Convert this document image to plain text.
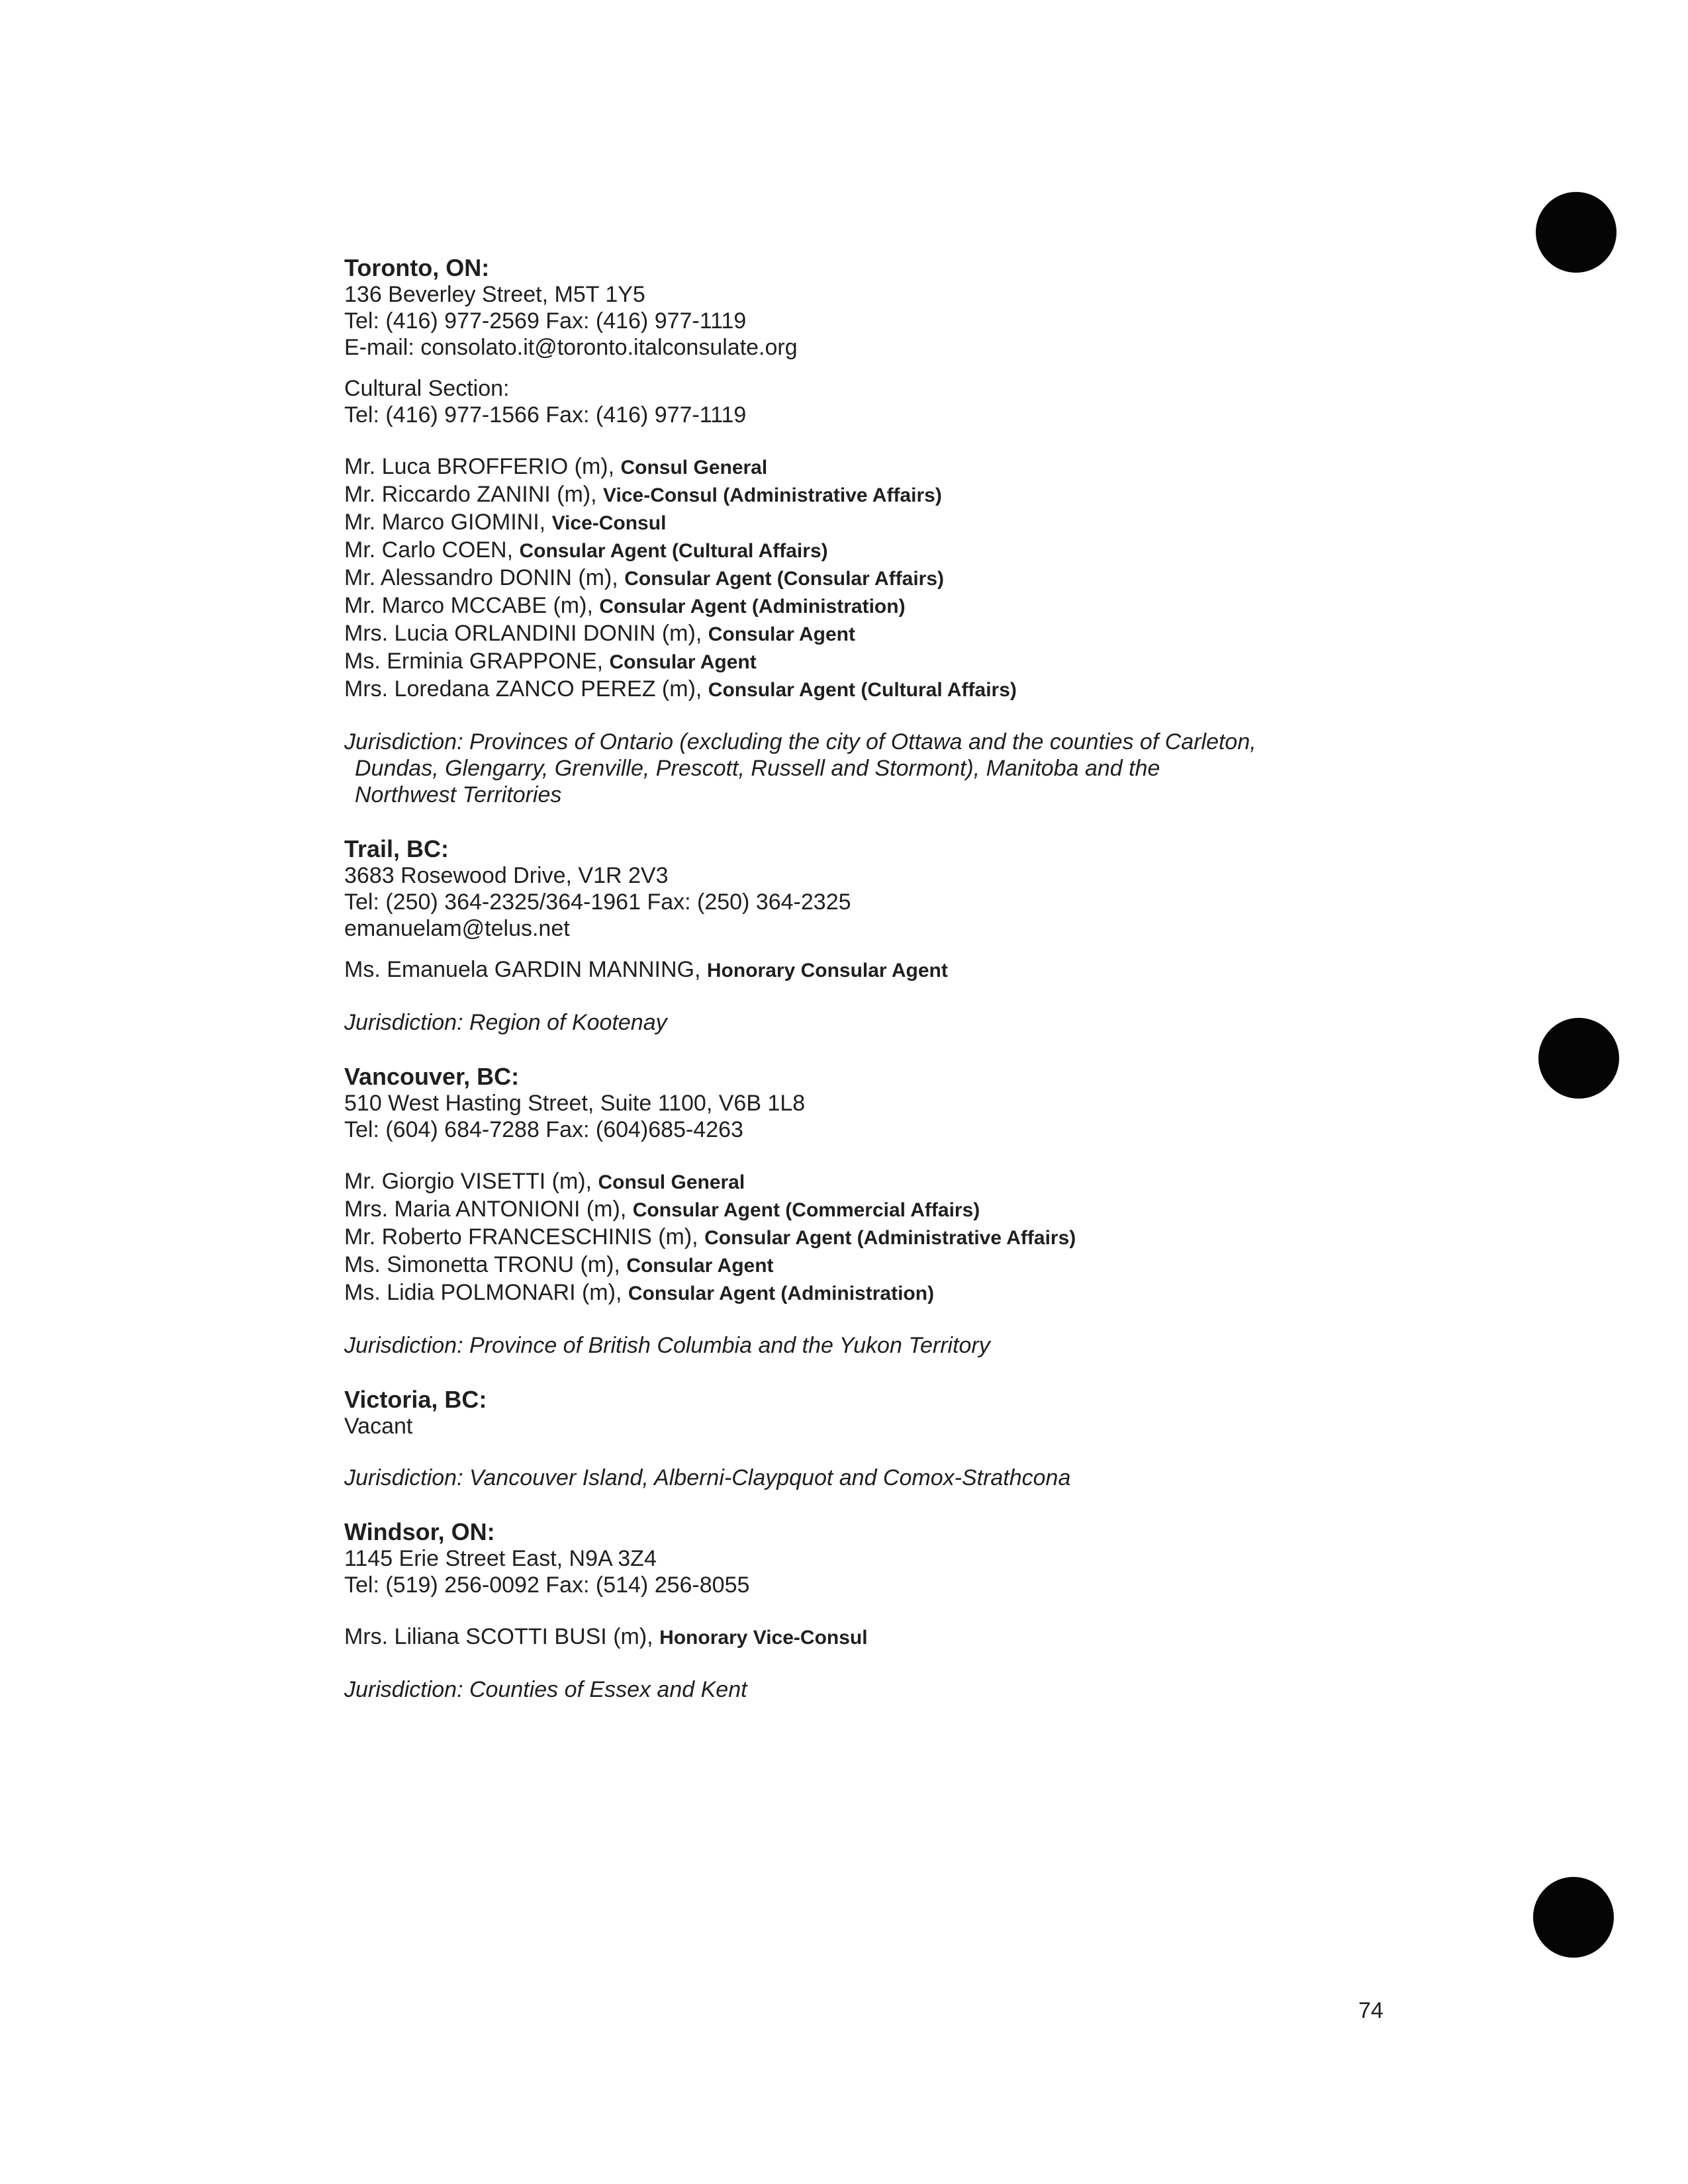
Toronto, ON:
136 Beverley Street, M5T 1Y5
Tel: (416) 977-2569 Fax: (416) 977-1119
E-mail: consolato.it@toronto.italconsulate.org
Cultural Section:
Tel: (416) 977-1566 Fax: (416) 977-1119
Mr. Luca BROFFERIO (m), Consul General
Mr. Riccardo ZANINI (m), Vice-Consul (Administrative Affairs)
Mr. Marco GIOMINI, Vice-Consul
Mr. Carlo COEN, Consular Agent (Cultural Affairs)
Mr. Alessandro DONIN (m), Consular Agent (Consular Affairs)
Mr. Marco MCCABE (m), Consular Agent (Administration)
Mrs. Lucia ORLANDINI DONIN (m), Consular Agent
Ms. Erminia GRAPPONE, Consular Agent
Mrs. Loredana ZANCO PEREZ (m), Consular Agent (Cultural Affairs)
Jurisdiction: Provinces of Ontario (excluding the city of Ottawa and the counties of Carleton,
Dundas, Glengarry, Grenville, Prescott, Russell and Stormont), Manitoba and the
Northwest Territories
Trail, BC:
3683 Rosewood Drive, V1R 2V3
Tel: (250) 364-2325/364-1961 Fax: (250) 364-2325
emanuelam@telus.net
Ms. Emanuela GARDIN MANNING, Honorary Consular Agent
Jurisdiction: Region of Kootenay
Vancouver, BC:
510 West Hasting Street, Suite 1100, V6B 1L8
Tel: (604) 684-7288 Fax: (604)685-4263
Mr. Giorgio VISETTI (m), Consul General
Mrs. Maria ANTONIONI (m), Consular Agent (Commercial Affairs)
Mr. Roberto FRANCESCHINIS (m), Consular Agent (Administrative Affairs)
Ms. Simonetta TRONU (m), Consular Agent
Ms. Lidia POLMONARI (m), Consular Agent (Administration)
Jurisdiction: Province of British Columbia and the Yukon Territory
Victoria, BC:
Vacant
Jurisdiction: Vancouver Island, Alberni-Claypquot and Comox-Strathcona
Windsor, ON:
1145 Erie Street East, N9A 3Z4
Tel: (519) 256-0092 Fax: (514) 256-8055
Mrs. Liliana SCOTTI BUSI (m), Honorary Vice-Consul
Jurisdiction: Counties of Essex and Kent
74
